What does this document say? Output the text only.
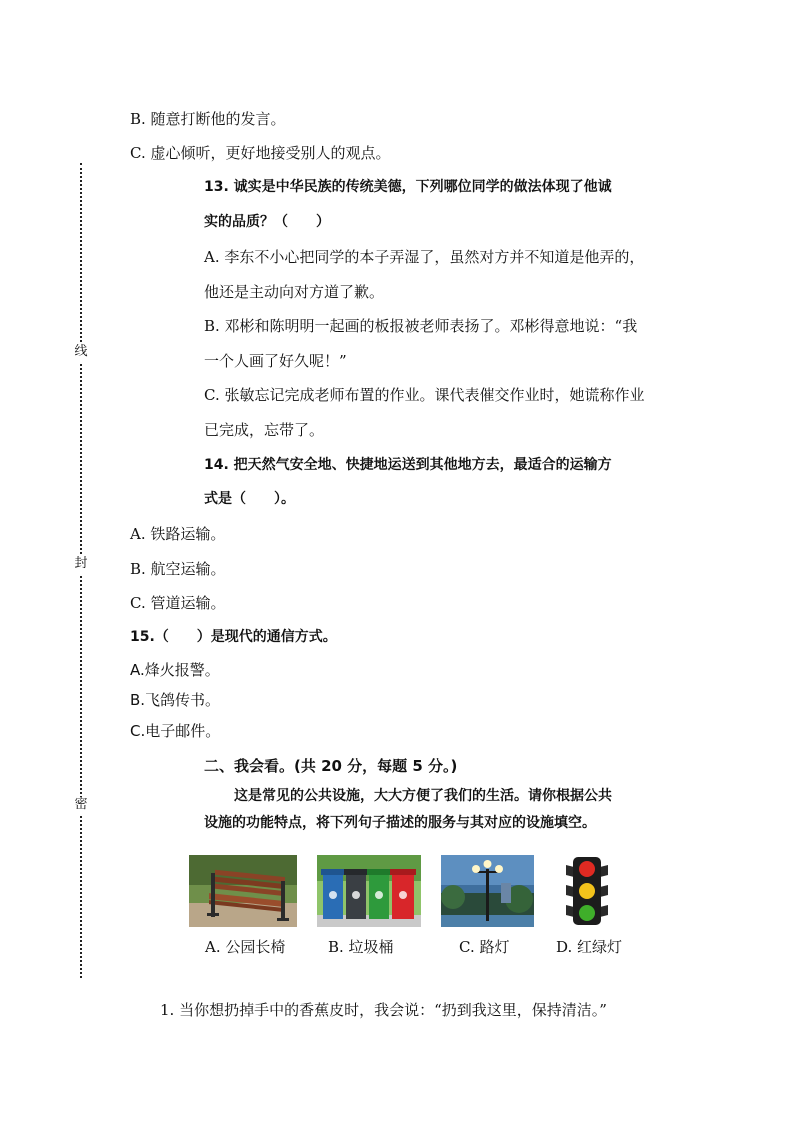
线
封
密
B. 随意打断他的发言。
C. 虚心倾听，更好地接受别人的观点。
13. 诚实是中华民族的传统美德，下列哪位同学的做法体现了他诚
实的品质？（　　）
A. 李东不小心把同学的本子弄湿了，虽然对方并不知道是他弄的，
他还是主动向对方道了歉。
B. 邓彬和陈明明一起画的板报被老师表扬了。邓彬得意地说：“我
一个人画了好久呢！”
C. 张敏忘记完成老师布置的作业。课代表催交作业时，她谎称作业
已完成，忘带了。
14. 把天然气安全地、快捷地运送到其他地方去，最适合的运输方
式是（　　）。
A. 铁路运输。
B. 航空运输。
C. 管道运输。
15.（　　）是现代的通信方式。
A.烽火报警。
B.飞鸽传书。
C.电子邮件。
二、我会看。(共 20 分，每题 5 分。)
这是常见的公共设施，大大方便了我们的生活。请你根据公共
设施的功能特点，将下列句子描述的服务与其对应的设施填空。
A. 公园长椅	B. 垃圾桶	C. 路灯	D. 红绿灯
1. 当你想扔掉手中的香蕉皮时，我会说：“扔到我这里，保持清洁。”
